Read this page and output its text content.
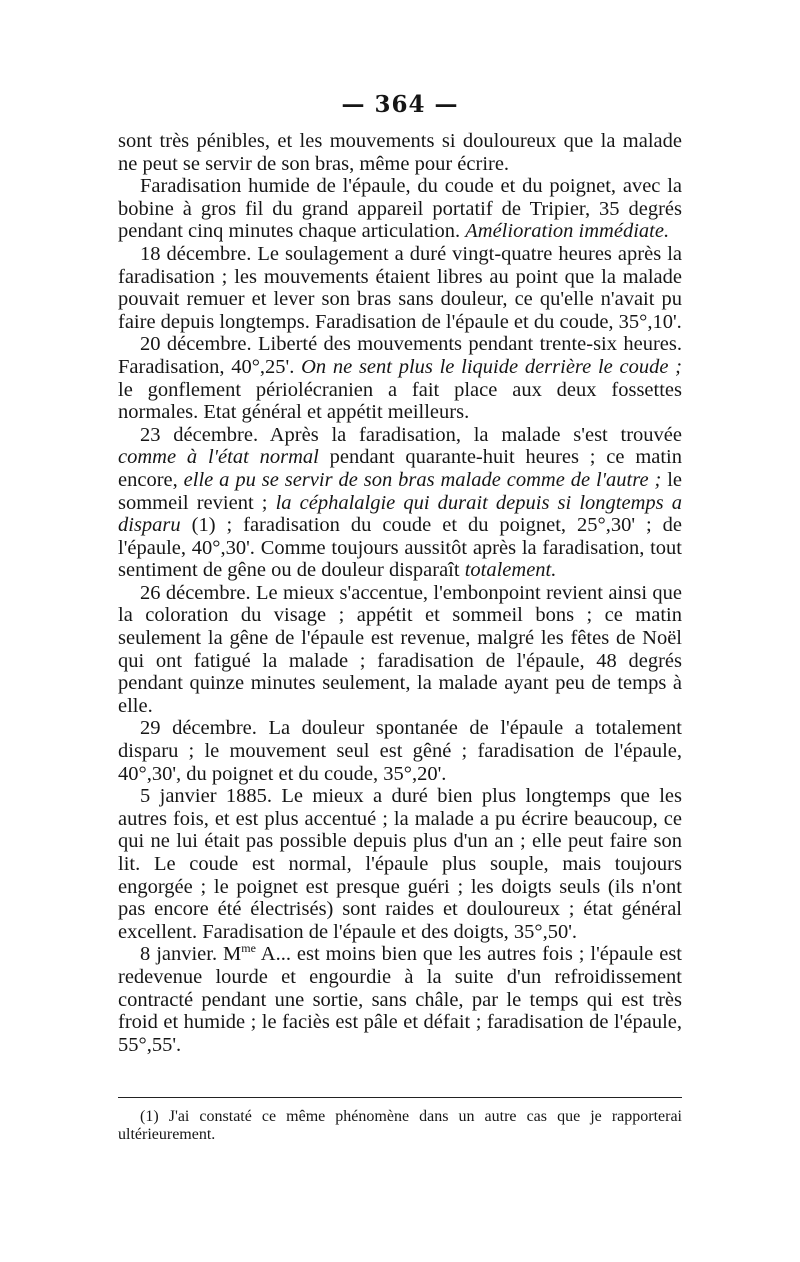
— 364 —

sont très pénibles, et les mouvements si douloureux que la malade ne peut se servir de son bras, même pour écrire.

Faradisation humide de l'épaule, du coude et du poignet, avec la bobine à gros fil du grand appareil portatif de Tripier, 35 degrés pendant cinq minutes chaque articulation. Amélioration immédiate.

18 décembre. Le soulagement a duré vingt-quatre heures après la faradisation ; les mouvements étaient libres au point que la malade pouvait remuer et lever son bras sans douleur, ce qu'elle n'avait pu faire depuis longtemps. Faradisation de l'épaule et du coude, 35°,10'.

20 décembre. Liberté des mouvements pendant trente-six heures. Faradisation, 40°,25'. On ne sent plus le liquide derrière le coude ; le gonflement périolécranien a fait place aux deux fossettes normales. Etat général et appétit meilleurs.

23 décembre. Après la faradisation, la malade s'est trouvée comme à l'état normal pendant quarante-huit heures ; ce matin encore, elle a pu se servir de son bras malade comme de l'autre ; le sommeil revient ; la céphalalgie qui durait depuis si longtemps a disparu (1) ; faradisation du coude et du poignet, 25°,30' ; de l'épaule, 40°,30'. Comme toujours aussitôt après la faradisation, tout sentiment de gêne ou de douleur disparaît totalement.

26 décembre. Le mieux s'accentue, l'embonpoint revient ainsi que la coloration du visage ; appétit et sommeil bons ; ce matin seulement la gêne de l'épaule est revenue, malgré les fêtes de Noël qui ont fatigué la malade ; faradisation de l'épaule, 48 degrés pendant quinze minutes seulement, la malade ayant peu de temps à elle.

29 décembre. La douleur spontanée de l'épaule a totalement disparu ; le mouvement seul est gêné ; faradisation de l'épaule, 40°,30', du poignet et du coude, 35°,20'.

5 janvier 1885. Le mieux a duré bien plus longtemps que les autres fois, et est plus accentué ; la malade a pu écrire beaucoup, ce qui ne lui était pas possible depuis plus d'un an ; elle peut faire son lit. Le coude est normal, l'épaule plus souple, mais toujours engorgée ; le poignet est presque guéri ; les doigts seuls (ils n'ont pas encore été électrisés) sont raides et douloureux ; état général excellent. Faradisation de l'épaule et des doigts, 35°,50'.

8 janvier. $M^{me}$ A... est moins bien que les autres fois ; l'épaule est redevenue lourde et engourdie à la suite d'un refroidissement contracté pendant une sortie, sans châle, par le temps qui est très froid et humide ; le faciès est pâle et défait ; faradisation de l'épaule, 55°,55'.

(1) J'ai constaté ce même phénomène dans un autre cas que je rapporterai ultérieurement.
